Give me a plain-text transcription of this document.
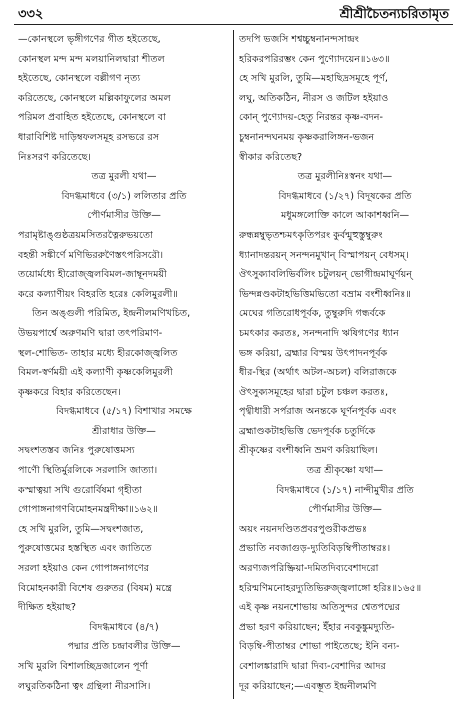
৩৩২	শ্রীশ্রীচৈতন্যচরিতামৃত
—কোনস্থলে ভৃঙ্গীগণের গীত হইতেছে,
কোনস্থল মন্দ মন্দ মলয়ানিলদ্বারা শীতল
হইতেছে, কোনস্থলে বল্লীগণ নৃত্য
করিতেছে, কোনস্থলে মল্লিকাফুলের অমল
পরিমল প্রবাহিত হইতেছে, কোনস্থলে বা
ধারাবিশিষ্ট দাড়িম্বফলসমূহ রসভরে রস
নিঃসরণ করিতেছে।
তত্র মুরলী যথা—
বিদগ্ধমাধবে (৩/১) ললিতার প্রতি
পৌর্ণমাসীর উক্তি—
পরামৃষ্টাঙ্গুষ্ঠত্রয়মসিতরত্নৈরুভয়তো
বহন্তী সঙ্কীর্ণে মণিভিররুণৈস্তৎপরিসরৌ।
তয়োর্মধ্যে হীরোজ্জ্বলবিমল-জাম্বূনদময়ী
করে কল্যাণীয়ং বিহরতি হরেঃ কেলিমুরলী॥
তিন অঙ্গুলী পরিমিত, ইন্দ্রনীলমণিখচিত,
উভয়পার্শ্বে অরুণমণি দ্বারা তৎপরিমাণ-
স্থল-শোভিত- তাহার মধ্যে হীরকোজ্জ্বলিত
বিমল-স্বর্ণময়ী এই কল্যাণী কৃষ্ণকেলিমুরলী
কৃষ্ণকরে বিহার করিতেছেন।
বিদগ্ধমাধবে (৫/১৭) বিশাখার সমক্ষে
শ্রীরাধার উক্তি—
সদ্বংশতস্তব জনিঃ পুরুষোত্তমস্য
পাণৌ স্থিতির্মুরলিকে সরলাসি জাত্যা।
কস্মাত্বয়া সখি গুরোর্বিষমা গৃহীতা
গোপাঙ্গনাগণবিমোহনমন্ত্রদীক্ষা॥১৬২॥
হে সখি মুরলি, তুমি—সদ্বংশজাত,
পুরুষোত্তমের হস্তস্থিত এবং জাতিতে
সরলা হইয়াও কেন গোপাঙ্গনাগণের
বিমোহনকারী বিশেষ গুরুতর (বিষম) মন্ত্রে
দীক্ষিত হইয়াছ?
বিদগ্ধমাধবে (৪/৭)
পদ্মার প্রতি চন্দ্রাবলীর উক্তি—
সখি মুরলি বিশালচ্ছিদ্রজালেন পূর্ণা
লঘুরতিকঠিনা ত্বং গ্রন্থিলা নীরসাসি।
তদপি ভজসি শশ্বচ্চুম্বনানন্দসান্দ্রং
হরিকরপরিরম্ভং কেন পুণ্যোদয়েন॥১৬৩॥
হে সখি মুরলি, তুমি—মহাছিদ্রসমূহে পূর্ণ,
লঘু, অতিকঠিন, নীরস ও জটিল হইয়াও
কোন্ পুণ্যোদয়-হেতু নিরন্তর কৃষ্ণ-বদন-
চুম্বনানন্দঘনময় কৃষ্ণকরালিঙ্গন-ভজন
স্বীকার করিতেছ?
তত্র মুরলীনিঃস্বনং যথা—
বিদগ্ধমাধবে (১/২৭) বিদূষকের প্রতি
মধুমঙ্গলোক্তি কালে আকাশধ্বনি—
রুন্ধন্নম্বুভৃতশ্চমৎকৃতিপরং কুর্বন্মুহুস্তুম্বুরুং
ধ্যানাদন্তরয়ন্ সনন্দনমুখান্ বিস্মাপয়ন্ বেধসম্।
ঔৎসুক্যাবলিভির্বলিং চটুলয়ন্ ভোগীন্দ্রমাঘূর্ণয়ন্
ভিন্দন্নণ্ডকটাহভিত্তিমভিতো বভ্রাম বংশীধ্বনিঃ॥
মেঘের গতিরোধপূর্বক, তুম্বুরুদি গন্ধর্বকে
চমৎকার করতঃ, সনন্দনাদি ঋষিগণের ধ্যান
ভঙ্গ করিয়া, ব্রহ্মার বিস্ময় উৎপাদনপূর্বক
ধীর-স্থির (অর্থাৎ অটল-অচল) বলিরাজকে
ঔৎসুক্যসমূহের দ্বারা চটুল চঞ্চল করতঃ,
পৃথ্বীধারী সর্পরাজ অনন্তকে ঘূর্ণনপূর্বক এবং
ব্রহ্মাণ্ডকটাহভিত্তি ভেদপূর্বক চতুর্দিকে
শ্রীকৃষ্ণের বংশীধ্বনি ভ্রমণ করিয়াছিল।
তত্র শ্রীকৃষ্ণো যথা—
বিদগ্ধমাধবে (১/১৭) নান্দীমুখীর প্রতি
পৌর্ণমাসীর উক্তি—
অয়ং নয়নদণ্ডিতপ্রবরপুণ্ডরীকপ্রভঃ
প্রভাতি নবজাগুড়-দ্যুতিবিড়ম্বিপীতাম্বরঃ।
অরণ্যজপরিষ্ক্রিয়া-দমিতদিব্যবেশাদরো
হরিন্মণিমনোহরদ্যুতিভিরুজ্জ্বলাঙ্গো হরিঃ॥১৬৫॥
এই কৃষ্ণ নয়নশোভায় অতিসুন্দর শ্বেতপদ্মের
প্রভা হরণ করিয়াছেন; ইঁহার নবকুঙ্কুমদ্যুতি-
বিড়ম্বি-পীতাম্বর শোভা পাইতেছে; ইনি বন্য-
বেশালঙ্কারাদি দ্বারা দিব্য-বেশাদির আদর
দূর করিয়াছেন;—এবম্ভূত ইন্দ্রনীলমণি
